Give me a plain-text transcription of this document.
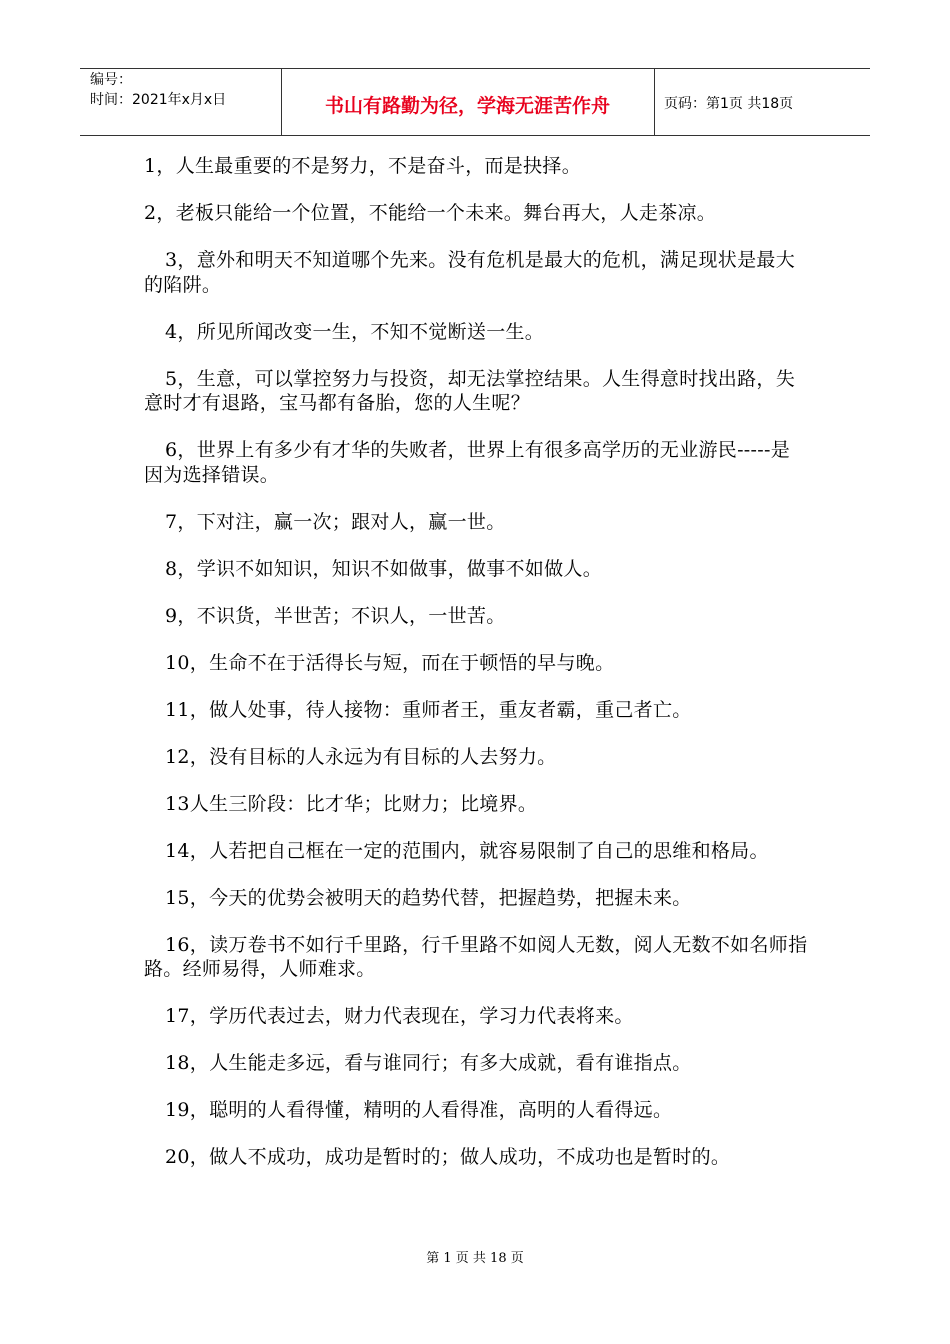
编号：
时间：2021年x月x日	书山有路勤为径，学海无涯苦作舟	页码：第1页 共18页

1，人生最重要的不是努力，不是奋斗，而是抉择。

2，老板只能给一个位置，不能给一个未来。舞台再大，人走茶凉。

3，意外和明天不知道哪个先来。没有危机是最大的危机，满足现状是最大的陷阱。

4，所见所闻改变一生，不知不觉断送一生。

5，生意，可以掌控努力与投资，却无法掌控结果。人生得意时找出路，失意时才有退路，宝马都有备胎，您的人生呢？

6，世界上有多少有才华的失败者，世界上有很多高学历的无业游民-----是因为选择错误。

7，下对注，赢一次；跟对人，赢一世。

8，学识不如知识，知识不如做事，做事不如做人。

9，不识货，半世苦；不识人，一世苦。

10，生命不在于活得长与短，而在于顿悟的早与晚。

11，做人处事，待人接物：重师者王，重友者霸，重己者亡。

12，没有目标的人永远为有目标的人去努力。

13人生三阶段：比才华；比财力；比境界。

14，人若把自己框在一定的范围内，就容易限制了自己的思维和格局。

15，今天的优势会被明天的趋势代替，把握趋势，把握未来。

16，读万卷书不如行千里路，行千里路不如阅人无数，阅人无数不如名师指路。经师易得，人师难求。

17，学历代表过去，财力代表现在，学习力代表将来。

18，人生能走多远，看与谁同行；有多大成就，看有谁指点。

19，聪明的人看得懂，精明的人看得准，高明的人看得远。

20，做人不成功，成功是暂时的；做人成功，不成功也是暂时的。

第 1 页 共 18 页
